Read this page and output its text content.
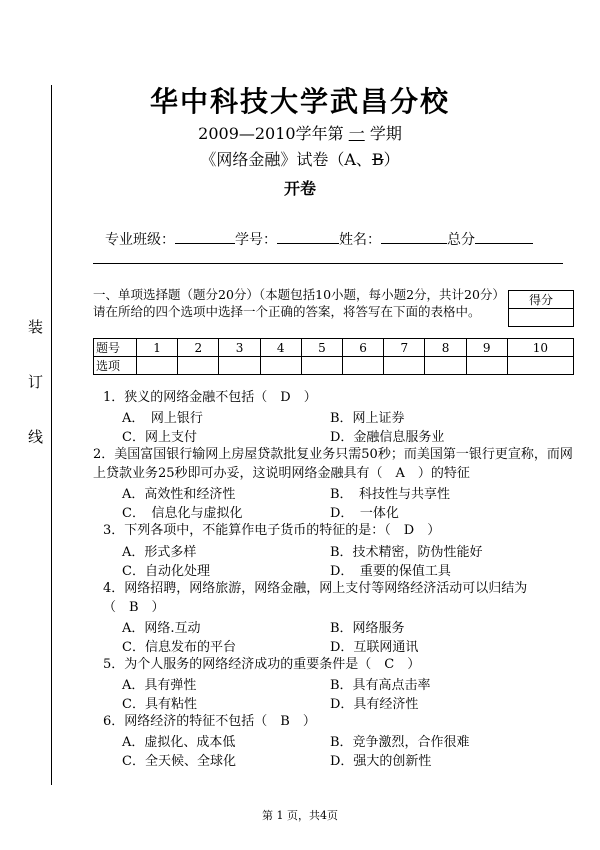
装
订
线
华中科技大学武昌分校
2009—2010学年第 一 学期
《网络金融》试卷（A、B）
开卷
专业班级：	学号：	姓名：	总分
一、单项选择题（题分20分）（本题包括10小题，每小题2分，共计20分）
请在所给的四个选项中选择一个正确的答案，将答写在下面的表格中。
得分

题号	1	2	3	4	5	6	7	8	9	10
选项										
1．狭义的网络金融不包括（　D　）
A．　网上银行	B．网上证券
C．网上支付	D．金融信息服务业
2．美国富国银行输网上房屋贷款批复业务只需50秒；而美国第一银行更宣称，而网上贷款业务25秒即可办妥，这说明网络金融具有（　A　）的特征
A．高效性和经济性	B．　科技性与共享性
C．　信息化与虚拟化	D．　一体化
3．下列各项中，不能算作电子货币的特征的是：（　D　）
A．形式多样	B．技术精密，防伪性能好
C．自动化处理	D．　重要的保值工具
4．网络招聘，网络旅游，网络金融，网上支付等网络经济活动可以归结为（　B　）
A．网络.互动	B．网络服务
C．信息发布的平台	D．互联网通讯
5．为个人服务的网络经济成功的重要条件是（　C　）
A．具有弹性	B．具有高点击率
C．具有粘性	D．具有经济性
6．网络经济的特征不包括（　B　）
A．虚拟化、成本低	B．竞争激烈，合作很难
C．全天候、全球化	D．强大的创新性
第 1 页，共4页
